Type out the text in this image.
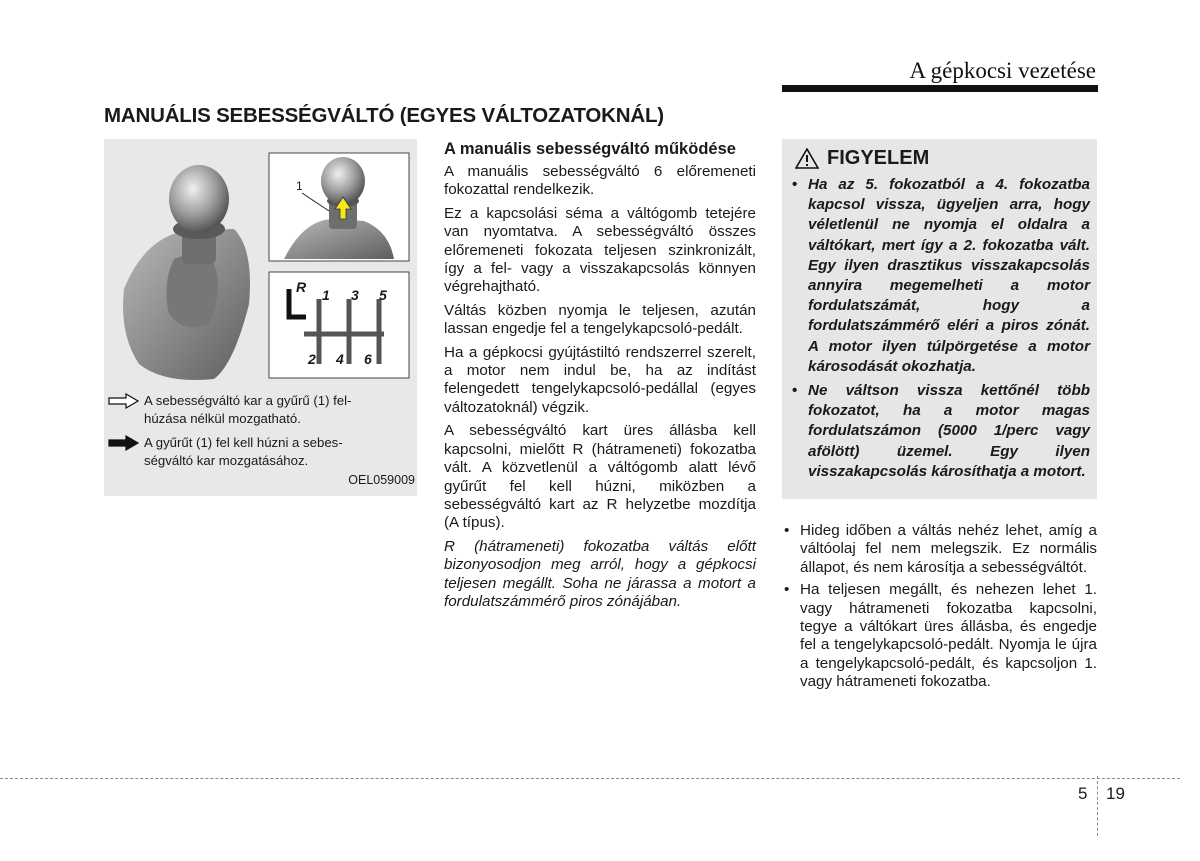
A gépkocsi vezetése
MANUÁLIS SEBESSÉGVÁLTÓ (EGYES VÁLTOZATOKNÁL)
1
R 1 3 5
2 4 6
A sebességváltó kar a gyűrű (1) fel-húzása nélkül mozgatható.
A gyűrűt (1) fel kell húzni a sebes-ségváltó kar mozgatásához.
OEL059009
A manuális sebességváltó működése

A manuális sebességváltó 6 előremeneti fokozattal rendelkezik.

Ez a kapcsolási séma a váltógomb tetejére van nyomtatva. A sebességváltó összes előremeneti fokozata teljesen szinkronizált, így a fel- vagy a visszakapcsolás könnyen végrehajtható.

Váltás közben nyomja le teljesen, azután lassan engedje fel a tengelykapcsoló-pedált.

Ha a gépkocsi gyújtástiltó rendszerrel szerelt, a motor nem indul be, ha az indítást felengedett tengelykapcsoló-pedállal (egyes változatoknál) végzik.

A sebességváltó kart üres állásba kell kapcsolni, mielőtt R (hátrameneti) fokozatba vált. A közvetlenül a váltógomb alatt lévő gyűrűt fel kell húzni, miközben a sebességváltó kart az R helyzetbe mozdítja (A típus).

R (hátrameneti) fokozatba váltás előtt bizonyosodjon meg arról, hogy a gépkocsi teljesen megállt. Soha ne járassa a motort a fordulatszámmérő piros zónájában.

FIGYELEM
• Ha az 5. fokozatból a 4. fokozatba kapcsol vissza, ügyeljen arra, hogy véletlenül ne nyomja el oldalra a váltókart, mert így a 2. fokozatba vált. Egy ilyen drasztikus visszakapcsolás annyira megemelheti a motor fordulatszámát, hogy a fordulatszámmérő eléri a piros zónát. A motor ilyen túlpörgetése a motor károsodását okozhatja.
• Ne váltson vissza kettőnél több fokozatot, ha a motor magas fordulatszámon (5000 1/perc vagy afölött) üzemel. Egy ilyen visszakapcsolás károsíthatja a motort.
• Hideg időben a váltás nehéz lehet, amíg a váltóolaj fel nem melegszik. Ez normális állapot, és nem károsítja a sebességváltót.
• Ha teljesen megállt, és nehezen lehet 1. vagy hátrameneti fokozatba kapcsolni, tegye a váltókart üres állásba, és engedje fel a tengelykapcsoló-pedált. Nyomja le újra a tengelykapcsoló-pedált, és kapcsoljon 1. vagy hátrameneti fokozatba.
5 19
